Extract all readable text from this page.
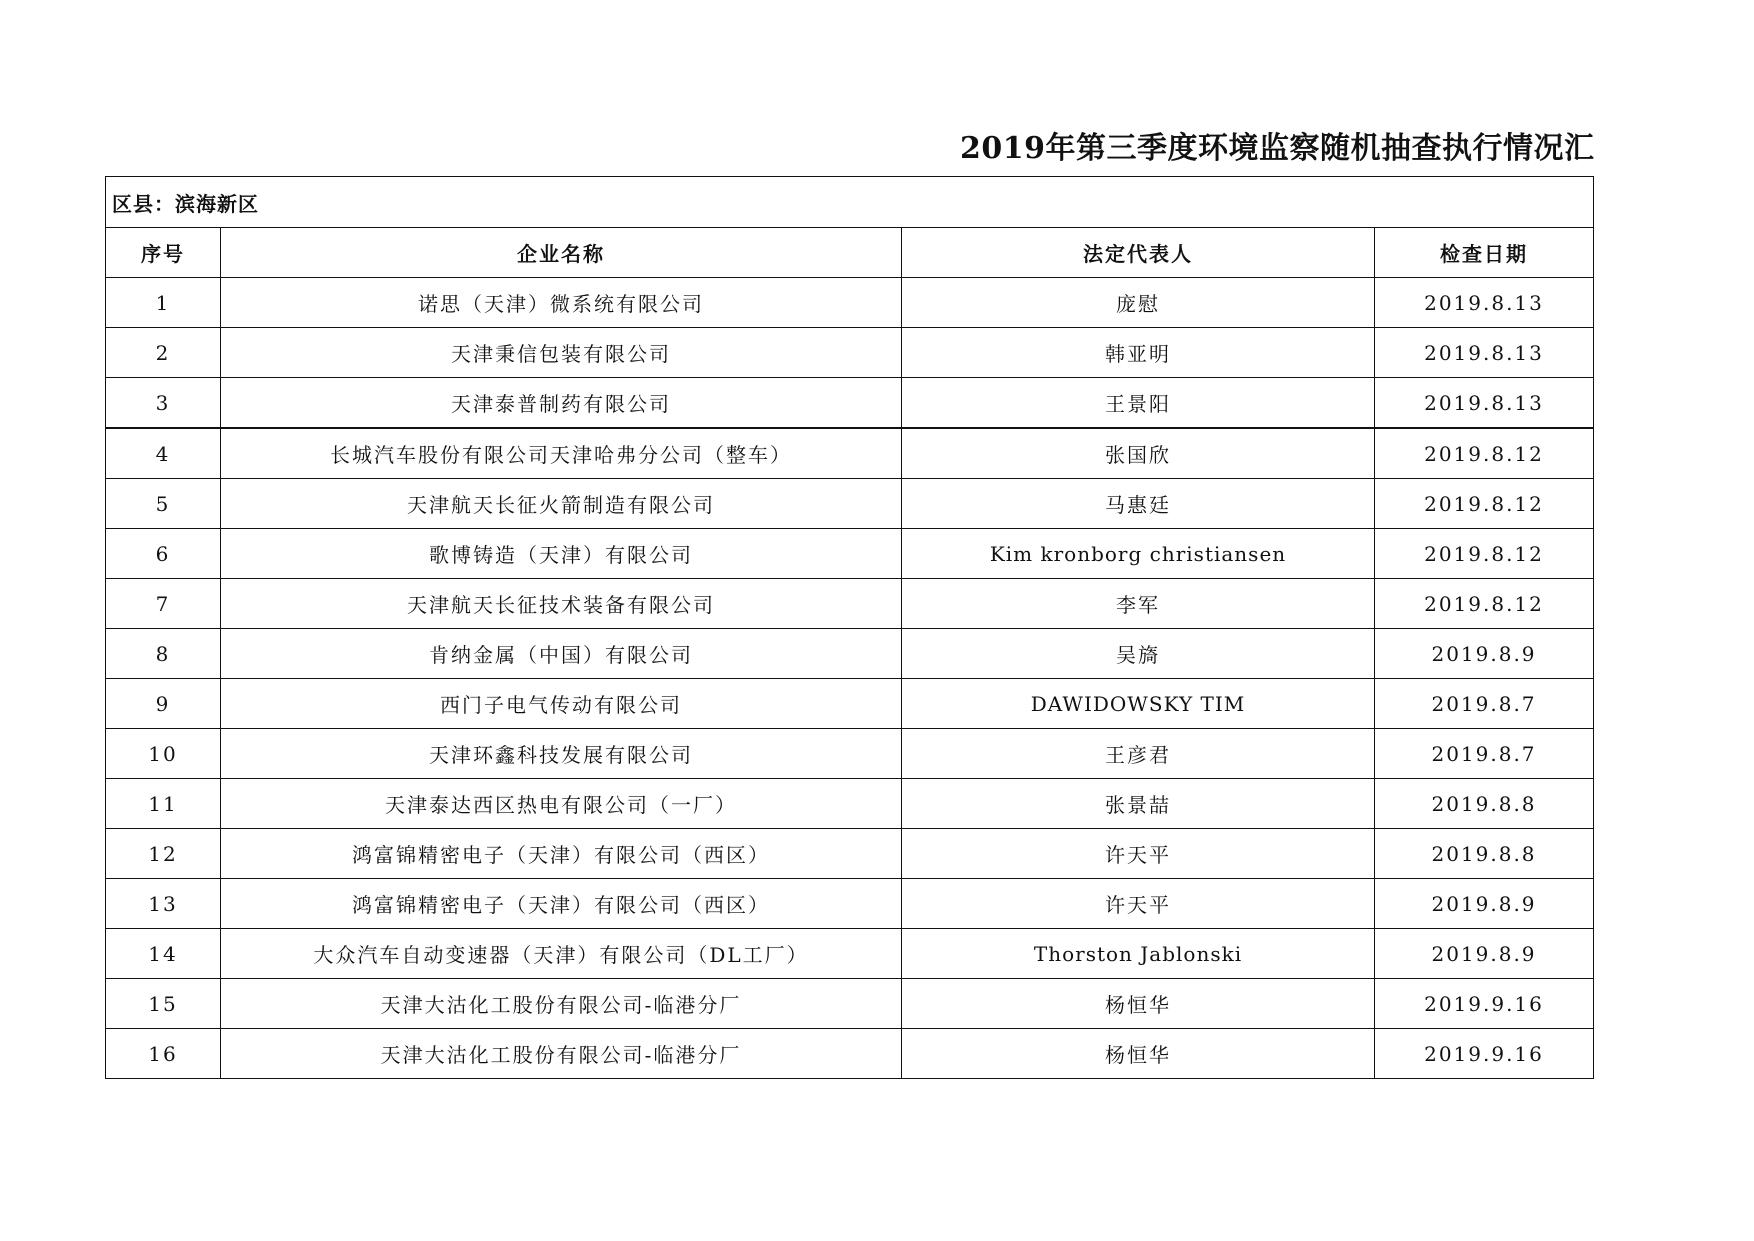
2019年第三季度环境监察随机抽查执行情况汇
区县：滨海新区			
序号	企业名称	法定代表人	检查日期
1	诺思（天津）微系统有限公司	庞慰	2019.8.13
2	天津秉信包装有限公司	韩亚明	2019.8.13
3	天津泰普制药有限公司	王景阳	2019.8.13
4	长城汽车股份有限公司天津哈弗分公司（整车）	张国欣	2019.8.12
5	天津航天长征火箭制造有限公司	马惠廷	2019.8.12
6	歌博铸造（天津）有限公司	Kim kronborg christiansen	2019.8.12
7	天津航天长征技术装备有限公司	李军	2019.8.12
8	肯纳金属（中国）有限公司	吴旖	2019.8.9
9	西门子电气传动有限公司	DAWIDOWSKY TIM	2019.8.7
10	天津环鑫科技发展有限公司	王彦君	2019.8.7
11	天津泰达西区热电有限公司（一厂）	张景喆	2019.8.8
12	鸿富锦精密电子（天津）有限公司（西区）	许天平	2019.8.8
13	鸿富锦精密电子（天津）有限公司（西区）	许天平	2019.8.9
14	大众汽车自动变速器（天津）有限公司（DL工厂）	Thorston Jablonski	2019.8.9
15	天津大沽化工股份有限公司-临港分厂	杨恒华	2019.9.16
16	天津大沽化工股份有限公司-临港分厂	杨恒华	2019.9.16
